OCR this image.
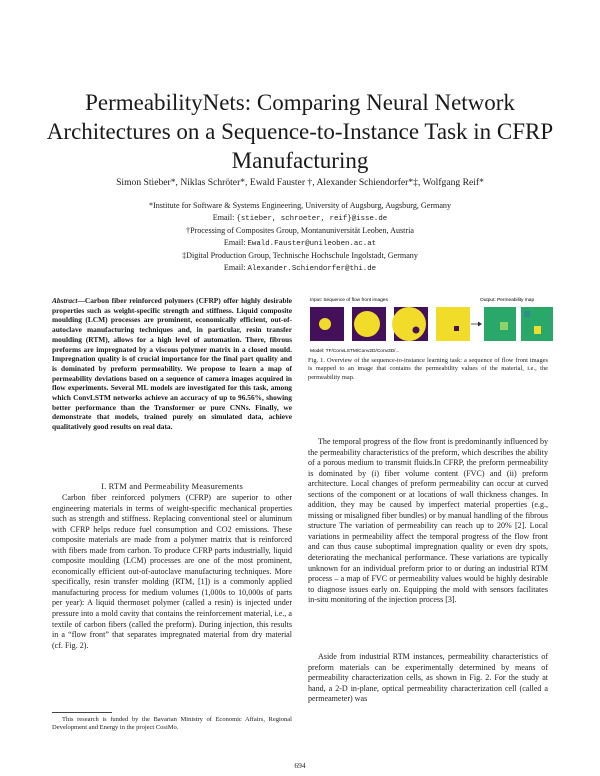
PermeabilityNets: Comparing Neural Network Architectures on a Sequence-to-Instance Task in CFRP Manufacturing
Simon Stieber*, Niklas Schröter*, Ewald Fauster †, Alexander Schiendorfer*‡, Wolfgang Reif*
*Institute for Software & Systems Engineering, University of Augsburg, Augsburg, Germany
Email: {stieber, schroeter, reif}@isse.de
†Processing of Composites Group, Montanuniversität Leoben, Austria
Email: Ewald.Fauster@unileoben.ac.at
‡Digital Production Group, Technische Hochschule Ingolstadt, Germany
Email: Alexander.Schiendorfer@thi.de
Abstract—Carbon fiber reinforced polymers (CFRP) offer highly desirable properties such as weight-specific strength and stiffness. Liquid composite moulding (LCM) processes are prominent, economically efficient, out-of-autoclave manufacturing techniques and, in particular, resin transfer moulding (RTM), allows for a high level of automation. There, fibrous preforms are impregnated by a viscous polymer matrix in a closed mould. Impregnation quality is of crucial importance for the final part quality and is dominated by preform permeability. We propose to learn a map of permeability deviations based on a sequence of camera images acquired in flow experiments. Several ML models are investigated for this task, among which ConvLSTM networks achieve an accuracy of up to 96.56%, showing better performance than the Transformer or pure CNNs. Finally, we demonstrate that models, trained purely on simulated data, achieve qualitatively good results on real data.
I. RTM and Permeability Measurements
Carbon fiber reinforced polymers (CFRP) are superior to other engineering materials in terms of weight-specific mechanical properties such as strength and stiffness. Replacing conventional steel or aluminum with CFRP helps reduce fuel consumption and CO2 emissions. These composite materials are made from a polymer matrix that is reinforced with fibers made from carbon. To produce CFRP parts industrially, liquid composite moulding (LCM) processes are one of the most prominent, economically efficient out-of-autoclave manufacturing techniques. More specifically, resin transfer molding (RTM, [1]) is a commonly applied manufacturing process for medium volumes (1,000s to 10,000s of parts per year): A liquid thermoset polymer (called a resin) is injected under pressure into a mold cavity that contains the reinforcement material, i.e., a textile of carbon fibers (called the preform). During injection, this results in a “flow front” that separates impregnated material from dry material (cf. Fig. 2).
This research is funded by the Bavarian Ministry of Economic Affairs, Regional Development and Energy in the project CosiMo.
Input: Sequence of flow front images	Output: Permeability map
Model: TF/ConvLSTM/Conv2D/Conv3D/...
Fig. 1. Overview of the sequence-to-instance learning task: a sequence of flow front images is mapped to an image that contains the permeability values of the material, i.e., the permeability map.
The temporal progress of the flow front is predominantly influenced by the permeability characteristics of the preform, which describes the ability of a porous medium to transmit fluids.In CFRP, the preform permeability is dominated by (i) fiber volume content (FVC) and (ii) preform architecture. Local changes of preform permeability can occur at curved sections of the component or at locations of wall thickness changes. In addition, they may be caused by imperfect material properties (e.g., missing or misaligned fiber bundles) or by manual handling of the fibrous structure The variation of permeability can reach up to 20% [2]. Local variations in permeability affect the temporal progress of the flow front and can thus cause suboptimal impregnation quality or even dry spots, deteriorating the mechanical performance. These variations are typically unknown for an individual preform prior to or during an industrial RTM process – a map of FVC or permeability values would be highly desirable to diagnose issues early on. Equipping the mold with sensors facilitates in-situ monitoring of the injection process [3].
Aside from industrial RTM instances, permeability characteristics of preform materials can be experimentally determined by means of permeability characterization cells, as shown in Fig. 2. For the study at hand, a 2-D in-plane, optical permeability characterization cell (called a permeameter) was
694
